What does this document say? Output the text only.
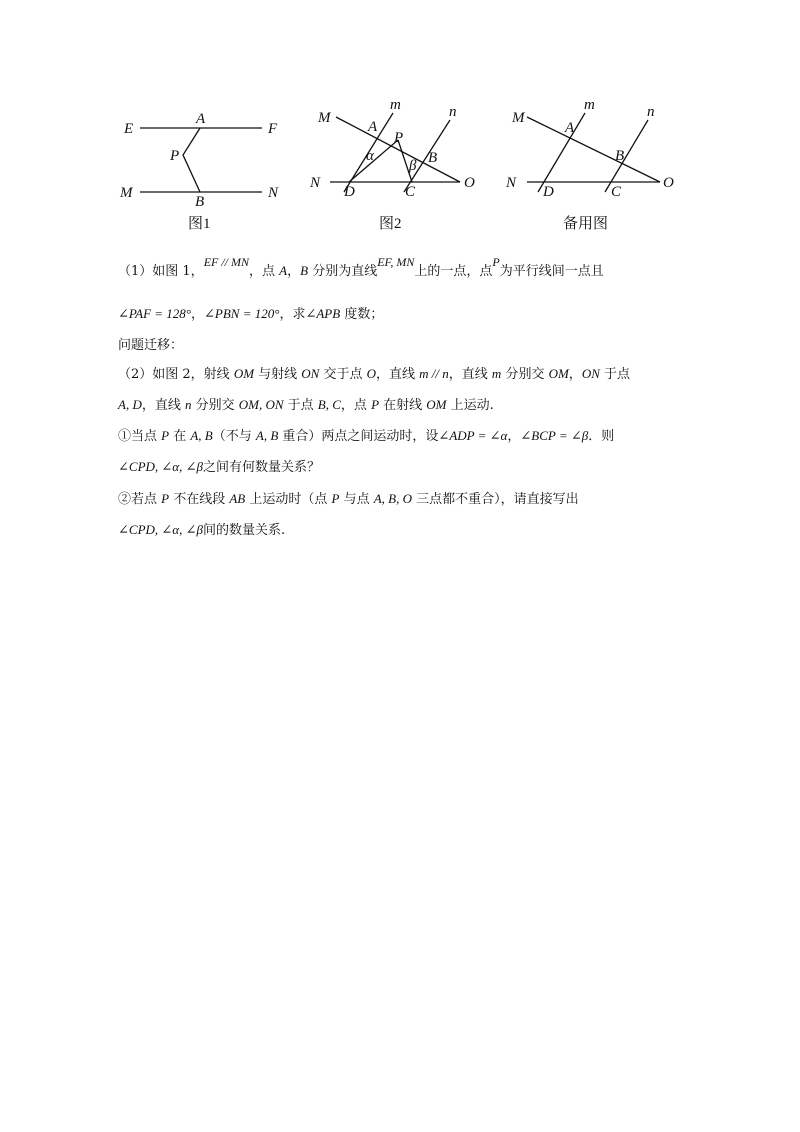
E
A
F
P
M
B
N
图1
M
m	n
A
P
B
α
β
N
D	C
O
图2
M
m	n
A
B
N
D	C
O
备用图
（1）如图 1，EF // MN，点 A，B 分别为直线EF, MN上的一点，点P为平行线间一点且
∠PAF = 128°，∠PBN = 120°，求∠APB 度数；
问题迁移：
（2）如图 2，射线 OM 与射线 ON 交于点 O，直线 m // n，直线 m 分别交 OM，ON 于点
A, D，直线 n 分别交 OM, ON 于点 B, C，点 P 在射线 OM 上运动.
①当点 P 在 A, B（不与 A, B 重合）两点之间运动时，设∠ADP = ∠α，∠BCP = ∠β．则
∠CPD, ∠α, ∠β之间有何数量关系？
②若点 P 不在线段 AB 上运动时（点 P 与点 A, B, O 三点都不重合），请直接写出
∠CPD, ∠α, ∠β间的数量关系.
